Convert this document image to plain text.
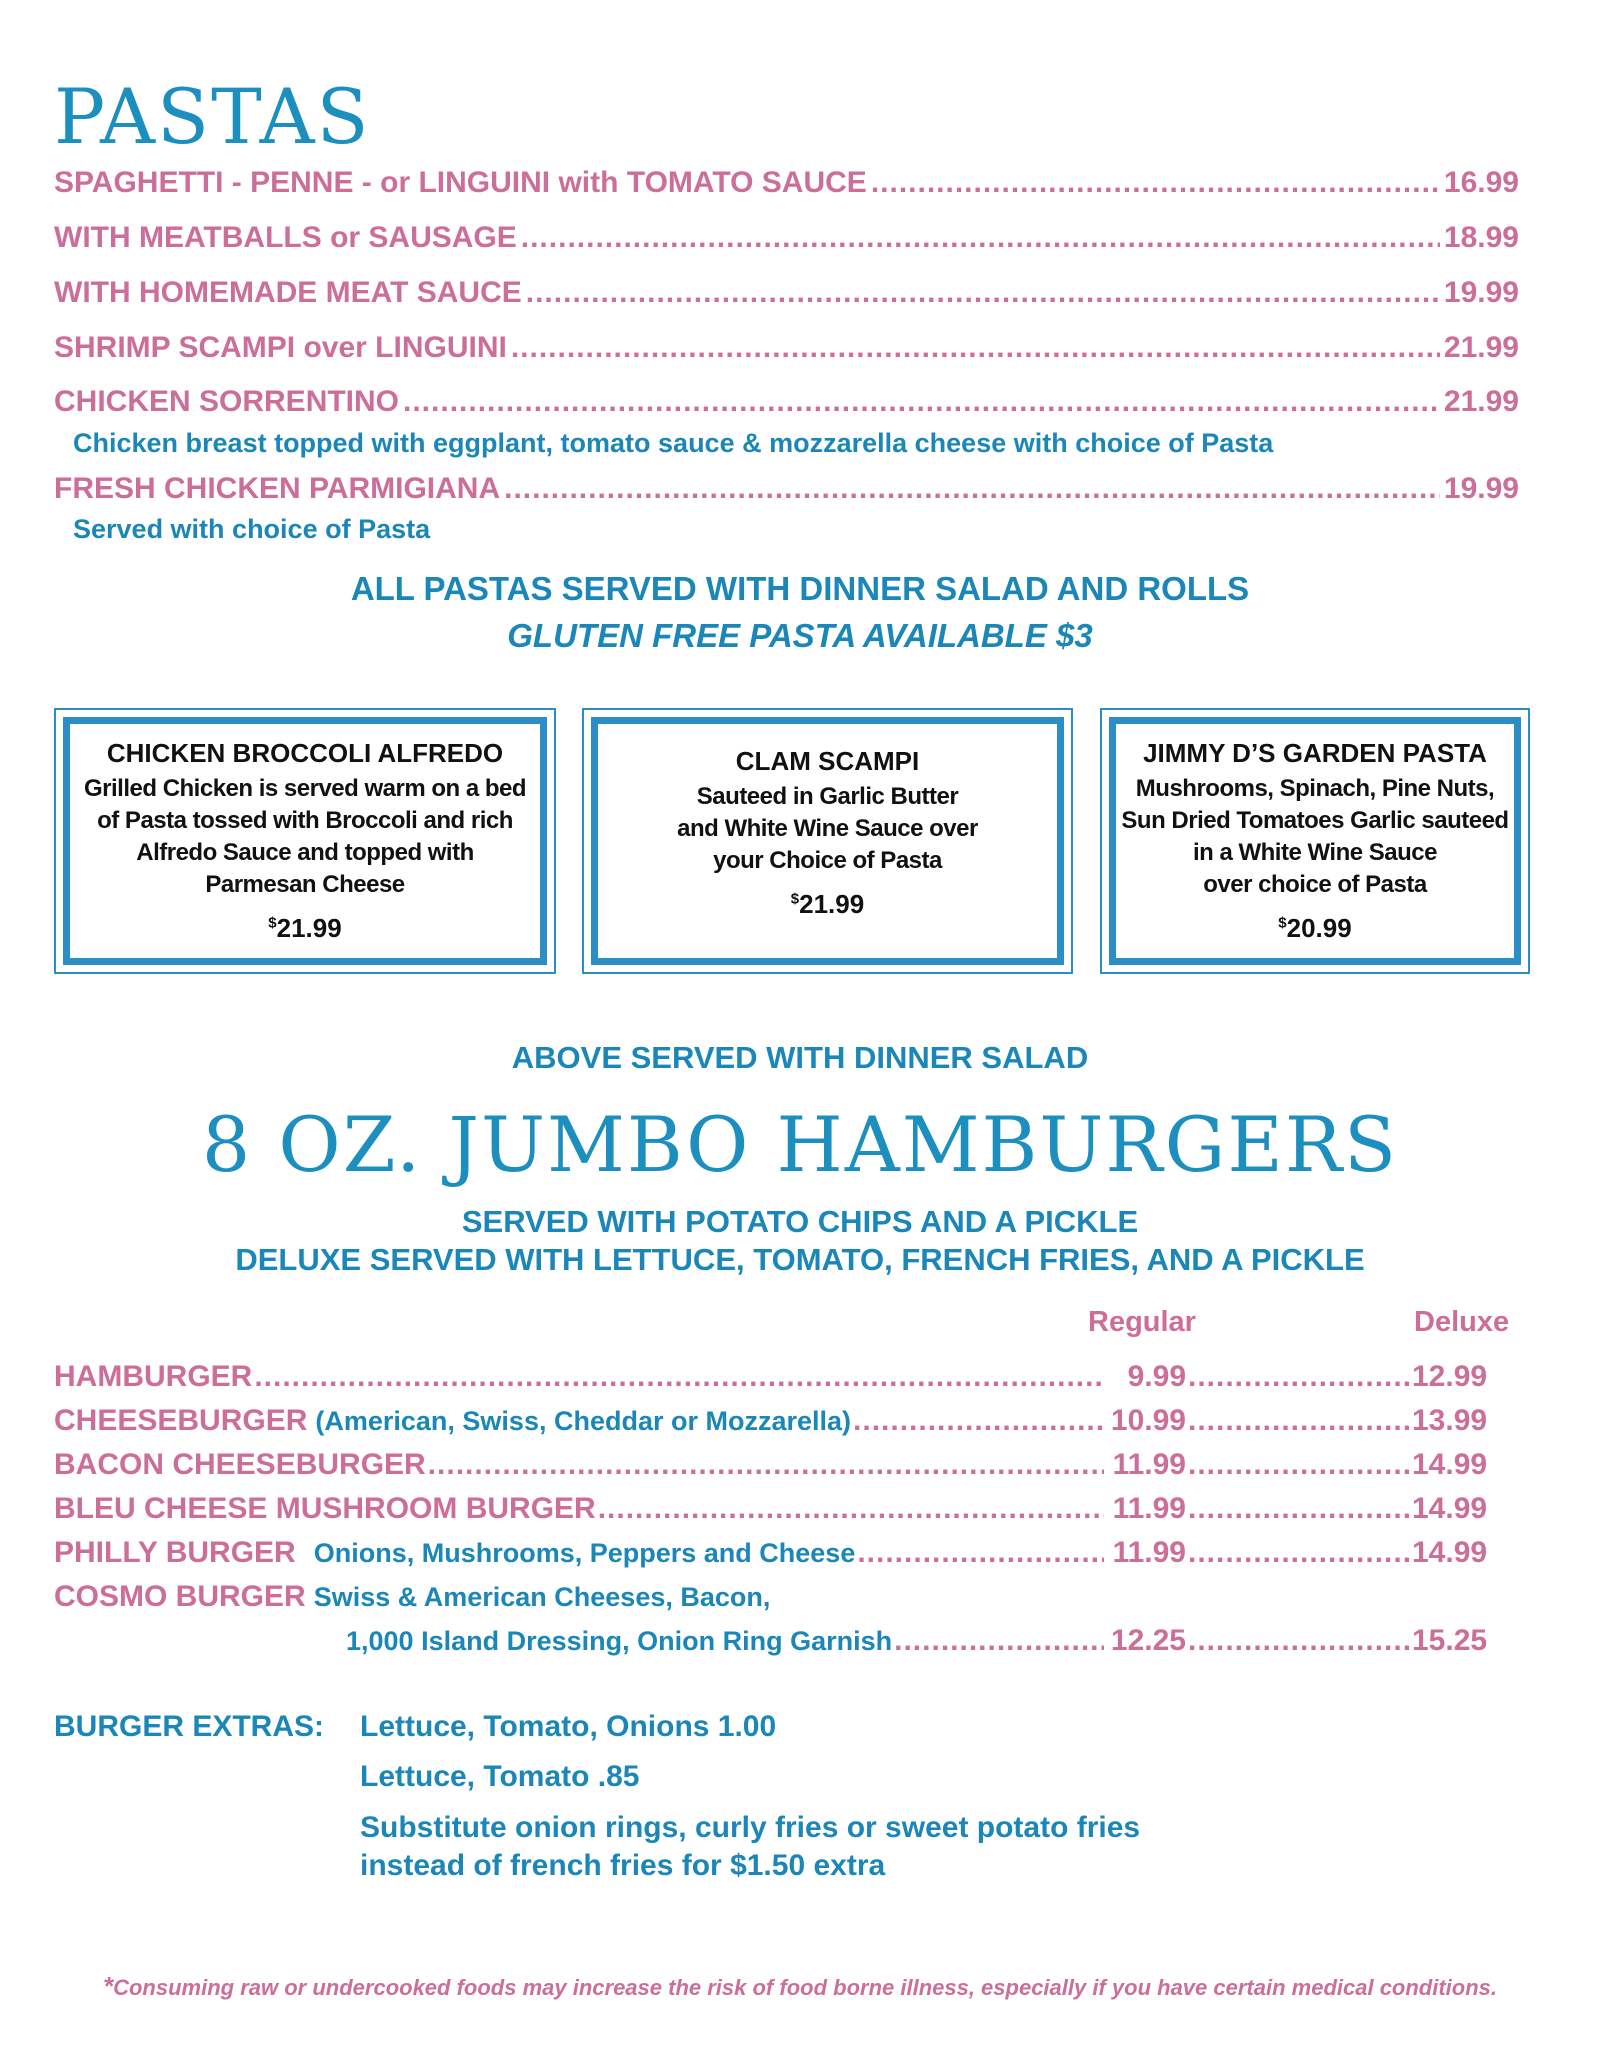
PASTAS
SPAGHETTI - PENNE - or LINGUINI with TOMATO SAUCE .....	16.99
WITH MEATBALLS or SAUSAGE .....	18.99
WITH HOMEMADE MEAT SAUCE .....	19.99
SHRIMP SCAMPI over LINGUINI .....	21.99
CHICKEN SORRENTINO .....	21.99
Chicken breast topped with eggplant, tomato sauce & mozzarella cheese with choice of Pasta
FRESH CHICKEN PARMIGIANA .....	19.99
Served with choice of Pasta
ALL PASTAS SERVED WITH DINNER SALAD AND ROLLS
GLUTEN FREE PASTA AVAILABLE $3
CHICKEN BROCCOLI ALFREDO
Grilled Chicken is served warm on a bed
of Pasta tossed with Broccoli and rich
Alfredo Sauce and topped with
Parmesan Cheese
$21.99
CLAM SCAMPI
Sauteed in Garlic Butter
and White Wine Sauce over
your Choice of Pasta
$21.99
JIMMY D’S GARDEN PASTA
Mushrooms, Spinach, Pine Nuts,
Sun Dried Tomatoes Garlic sauteed
in a White Wine Sauce
over choice of Pasta
$20.99
ABOVE SERVED WITH DINNER SALAD
8 OZ. JUMBO HAMBURGERS
SERVED WITH POTATO CHIPS AND A PICKLE
DELUXE SERVED WITH LETTUCE, TOMATO, FRENCH FRIES, AND A PICKLE
Regular	Deluxe
HAMBURGER .....	9.99 .....	12.99
CHEESEBURGER (American, Swiss, Cheddar or Mozzarella) .....	10.99 .....	13.99
BACON CHEESEBURGER .....	11.99 .....	14.99
BLEU CHEESE MUSHROOM BURGER .....	11.99 .....	14.99
PHILLY BURGER Onions, Mushrooms, Peppers and Cheese .....	11.99 .....	14.99
COSMO BURGER Swiss & American Cheeses, Bacon,
1,000 Island Dressing, Onion Ring Garnish .....	12.25 .....	15.25
BURGER EXTRAS: Lettuce, Tomato, Onions 1.00
Lettuce, Tomato .85
Substitute onion rings, curly fries or sweet potato fries
instead of french fries for $1.50 extra
*Consuming raw or undercooked foods may increase the risk of food borne illness, especially if you have certain medical conditions.
